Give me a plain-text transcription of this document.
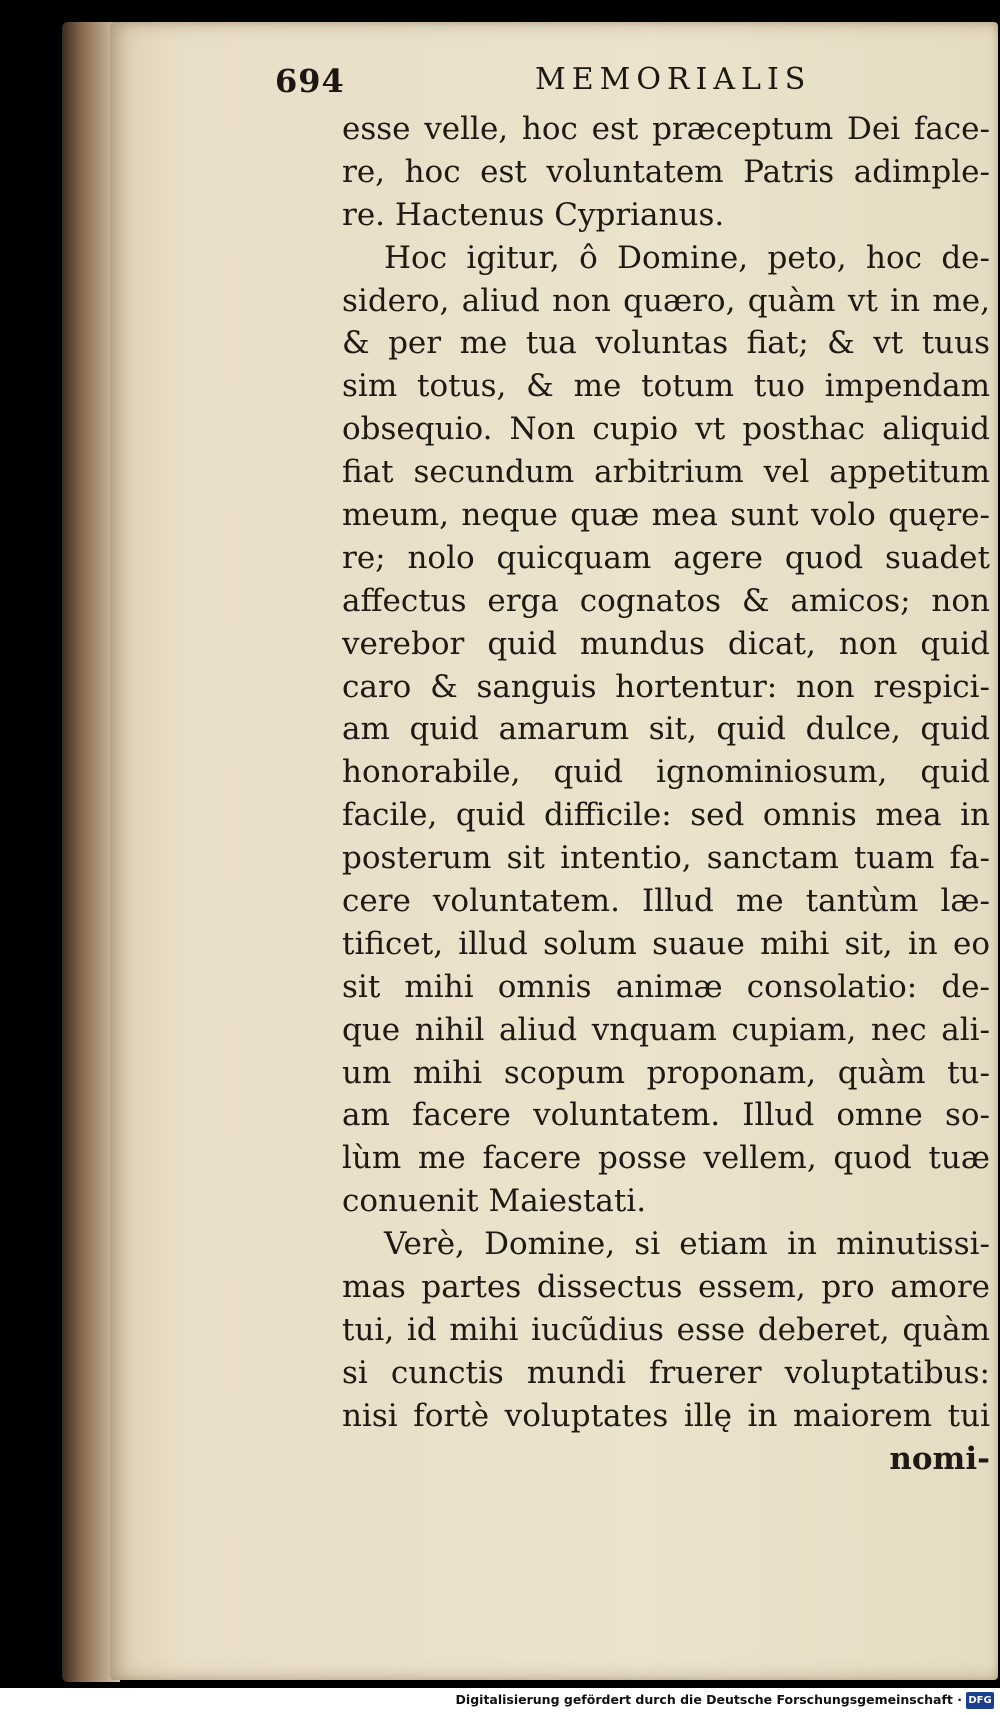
694	MEMORIALIS
esse velle, hoc est præceptum Dei face-
re, hoc est voluntatem Patris adimple-
re. Hactenus Cyprianus.
Hoc igitur, ô Domine, peto, hoc de-
sidero, aliud non quæro, quàm vt in me,
& per me tua voluntas fiat; & vt tuus
sim totus, & me totum tuo impendam
obsequio. Non cupio vt posthac aliquid
fiat secundum arbitrium vel appetitum
meum, neque quæ mea sunt volo quęre-
re; nolo quicquam agere quod suadet
affectus erga cognatos & amicos; non
verebor quid mundus dicat, non quid
caro & sanguis hortentur: non respici-
am quid amarum sit, quid dulce, quid
honorabile, quid ignominiosum, quid
facile, quid difficile: sed omnis mea in
posterum sit intentio, sanctam tuam fa-
cere voluntatem. Illud me tantùm læ-
tificet, illud solum suaue mihi sit, in eo
sit mihi omnis animæ consolatio: de-
que nihil aliud vnquam cupiam, nec ali-
um mihi scopum proponam, quàm tu-
am facere voluntatem. Illud omne so-
lùm me facere posse vellem, quod tuæ
conuenit Maiestati.
Verè, Domine, si etiam in minutissi-
mas partes dissectus essem, pro amore
tui, id mihi iucũdius esse deberet, quàm
si cunctis mundi fruerer voluptatibus:
nisi fortè voluptates illę in maiorem tui
nomi-
Digitalisierung gefördert durch die Deutsche Forschungsgemeinschaft · DFG
